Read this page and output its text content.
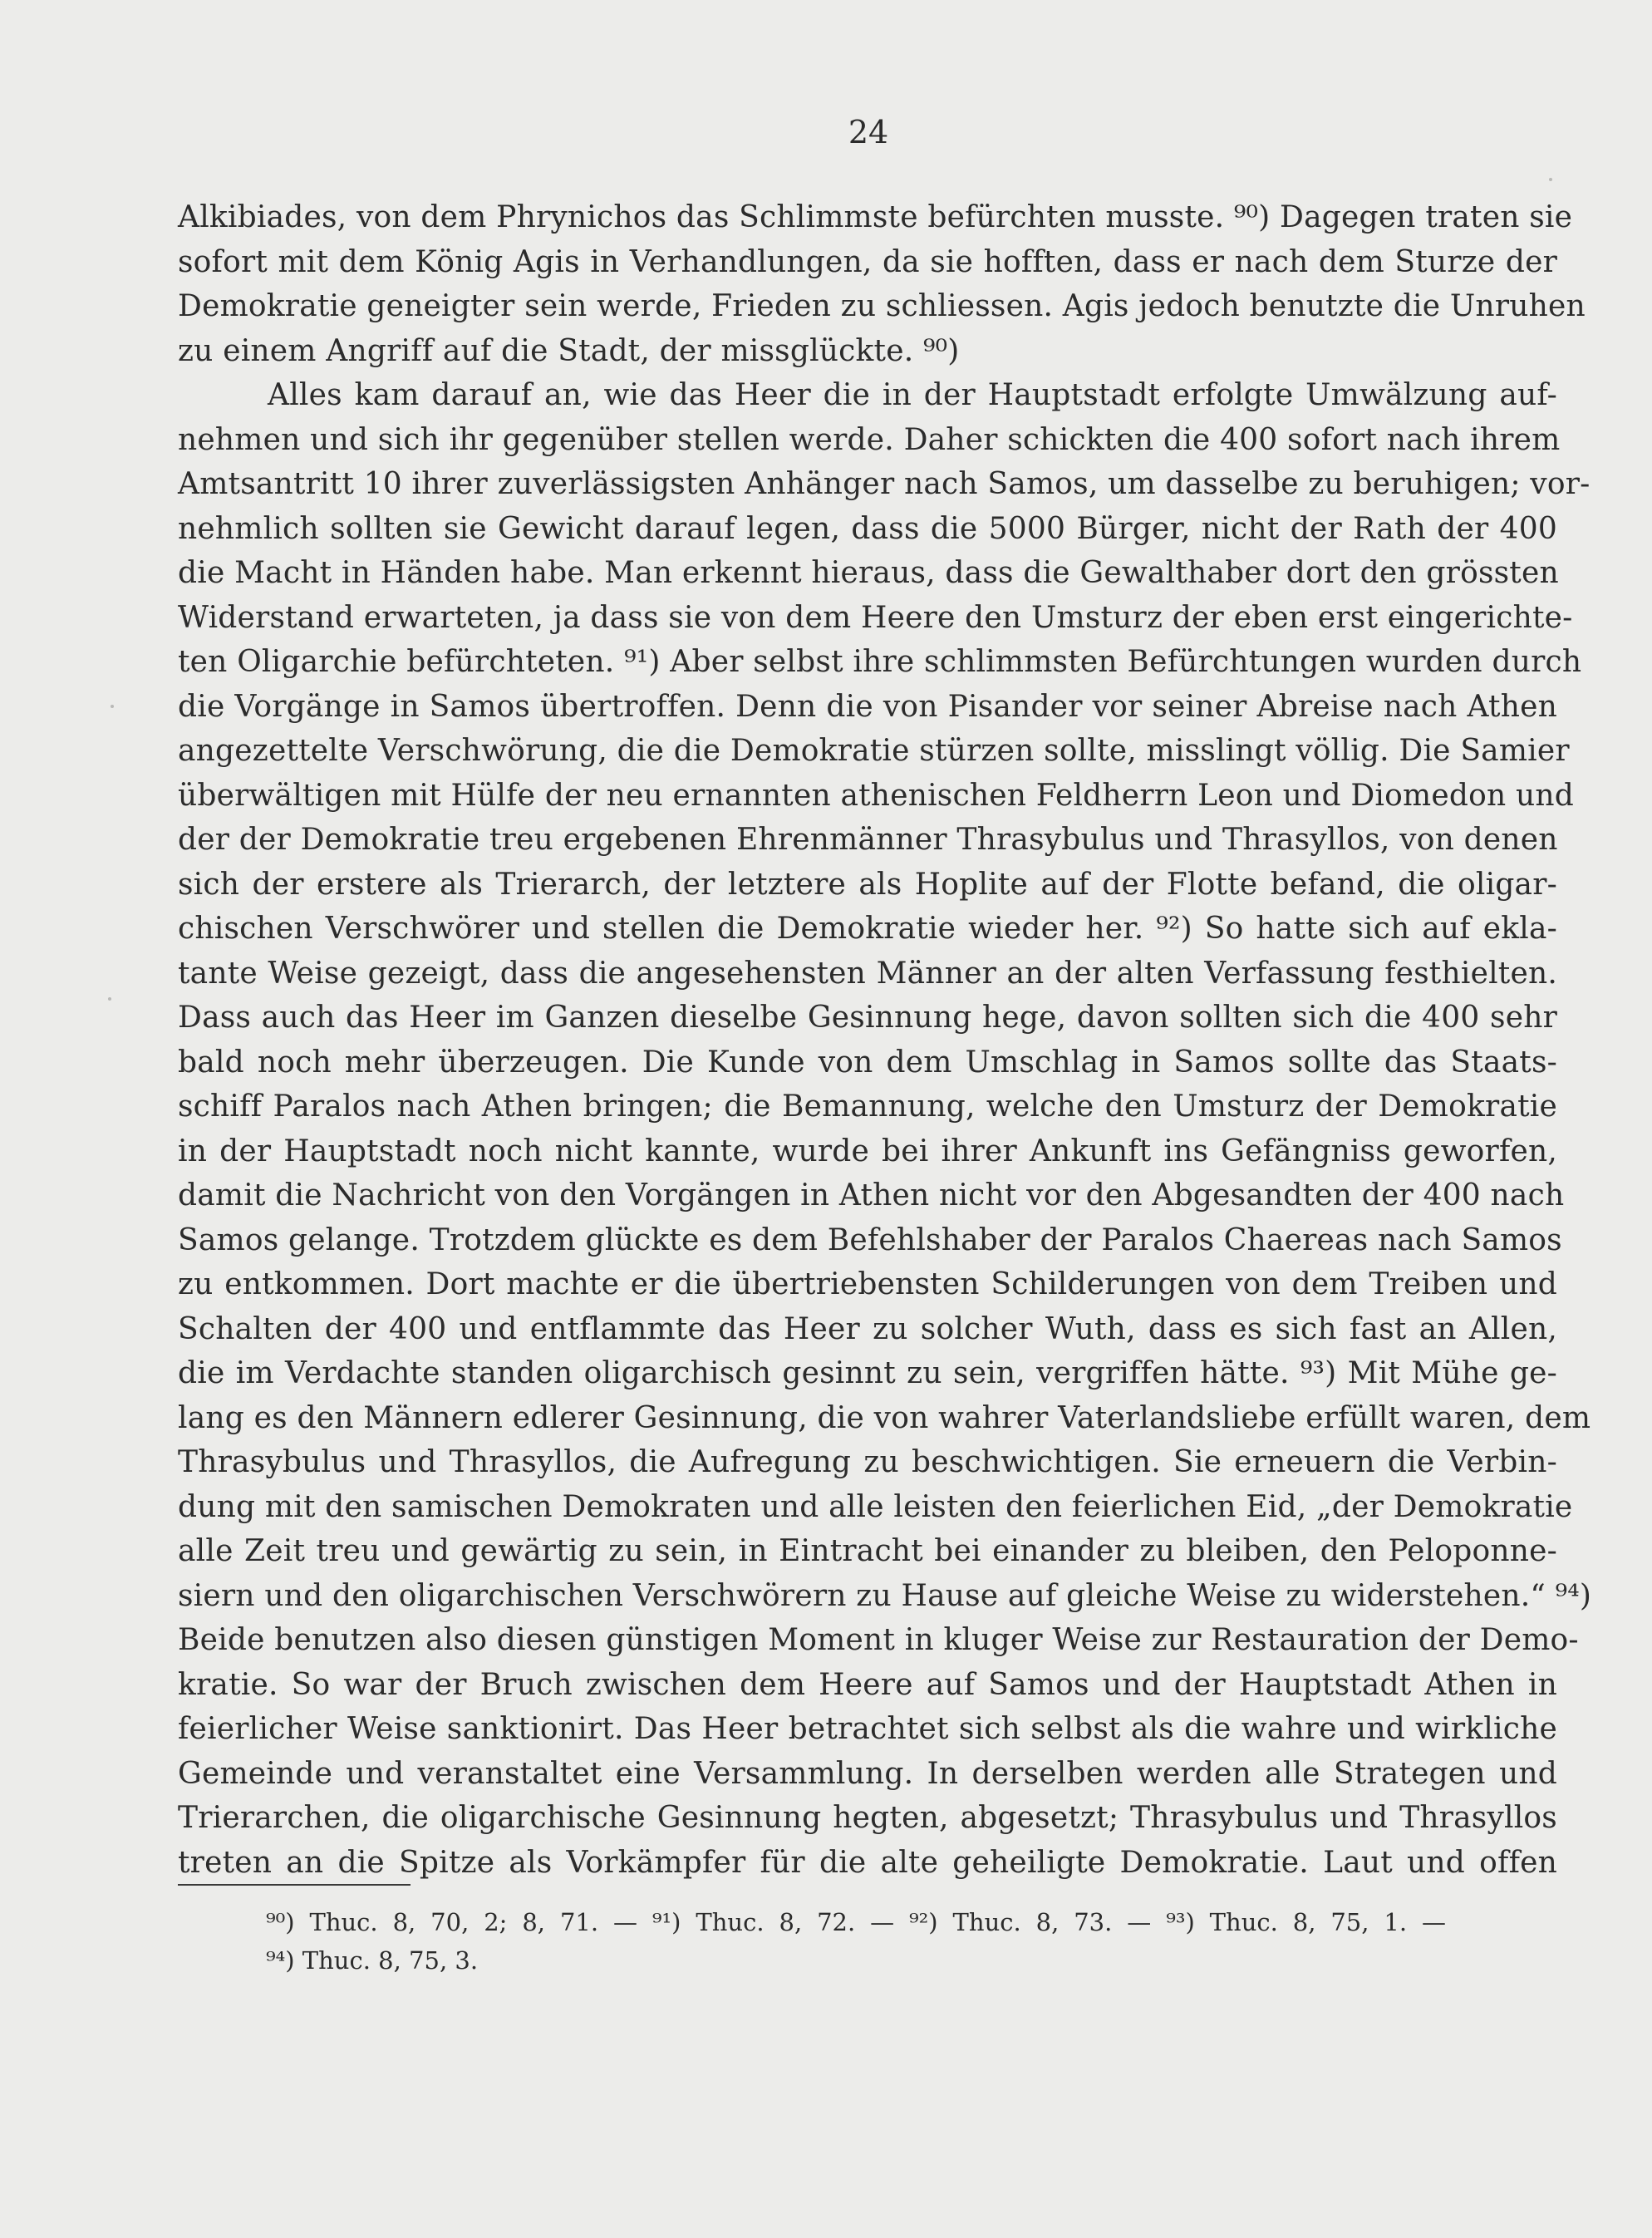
24
Alkibiades, von dem Phrynichos das Schlimmste befürchten musste. ⁹⁰) Dagegen traten sie
sofort mit dem König Agis in Verhandlungen, da sie hofften, dass er nach dem Sturze der
Demokratie geneigter sein werde, Frieden zu schliessen. Agis jedoch benutzte die Unruhen
zu einem Angriff auf die Stadt, der missglückte. ⁹⁰)
Alles kam darauf an, wie das Heer die in der Hauptstadt erfolgte Umwälzung auf-
nehmen und sich ihr gegenüber stellen werde. Daher schickten die 400 sofort nach ihrem
Amtsantritt 10 ihrer zuverlässigsten Anhänger nach Samos, um dasselbe zu beruhigen; vor-
nehmlich sollten sie Gewicht darauf legen, dass die 5000 Bürger, nicht der Rath der 400
die Macht in Händen habe. Man erkennt hieraus, dass die Gewalthaber dort den grössten
Widerstand erwarteten, ja dass sie von dem Heere den Umsturz der eben erst eingerichte-
ten Oligarchie befürchteten. ⁹¹) Aber selbst ihre schlimmsten Befürchtungen wurden durch
die Vorgänge in Samos übertroffen. Denn die von Pisander vor seiner Abreise nach Athen
angezettelte Verschwörung, die die Demokratie stürzen sollte, misslingt völlig. Die Samier
überwältigen mit Hülfe der neu ernannten athenischen Feldherrn Leon und Diomedon und
der der Demokratie treu ergebenen Ehrenmänner Thrasybulus und Thrasyllos, von denen
sich der erstere als Trierarch, der letztere als Hoplite auf der Flotte befand, die oligar-
chischen Verschwörer und stellen die Demokratie wieder her. ⁹²) So hatte sich auf ekla-
tante Weise gezeigt, dass die angesehensten Männer an der alten Verfassung festhielten.
Dass auch das Heer im Ganzen dieselbe Gesinnung hege, davon sollten sich die 400 sehr
bald noch mehr überzeugen. Die Kunde von dem Umschlag in Samos sollte das Staats-
schiff Paralos nach Athen bringen; die Bemannung, welche den Umsturz der Demokratie
in der Hauptstadt noch nicht kannte, wurde bei ihrer Ankunft ins Gefängniss geworfen,
damit die Nachricht von den Vorgängen in Athen nicht vor den Abgesandten der 400 nach
Samos gelange. Trotzdem glückte es dem Befehlshaber der Paralos Chaereas nach Samos
zu entkommen. Dort machte er die übertriebensten Schilderungen von dem Treiben und
Schalten der 400 und entflammte das Heer zu solcher Wuth, dass es sich fast an Allen,
die im Verdachte standen oligarchisch gesinnt zu sein, vergriffen hätte. ⁹³) Mit Mühe ge-
lang es den Männern edlerer Gesinnung, die von wahrer Vaterlandsliebe erfüllt waren, dem
Thrasybulus und Thrasyllos, die Aufregung zu beschwichtigen. Sie erneuern die Verbin-
dung mit den samischen Demokraten und alle leisten den feierlichen Eid, „der Demokratie
alle Zeit treu und gewärtig zu sein, in Eintracht bei einander zu bleiben, den Peloponne-
siern und den oligarchischen Verschwörern zu Hause auf gleiche Weise zu widerstehen.“ ⁹⁴)
Beide benutzen also diesen günstigen Moment in kluger Weise zur Restauration der Demo-
kratie. So war der Bruch zwischen dem Heere auf Samos und der Hauptstadt Athen in
feierlicher Weise sanktionirt. Das Heer betrachtet sich selbst als die wahre und wirkliche
Gemeinde und veranstaltet eine Versammlung. In derselben werden alle Strategen und
Trierarchen, die oligarchische Gesinnung hegten, abgesetzt; Thrasybulus und Thrasyllos
treten an die Spitze als Vorkämpfer für die alte geheiligte Demokratie. Laut und offen
⁹⁰) Thuc. 8, 70, 2; 8, 71. — ⁹¹) Thuc. 8, 72. — ⁹²) Thuc. 8, 73. — ⁹³) Thuc. 8, 75, 1. —
⁹⁴) Thuc. 8, 75, 3.
